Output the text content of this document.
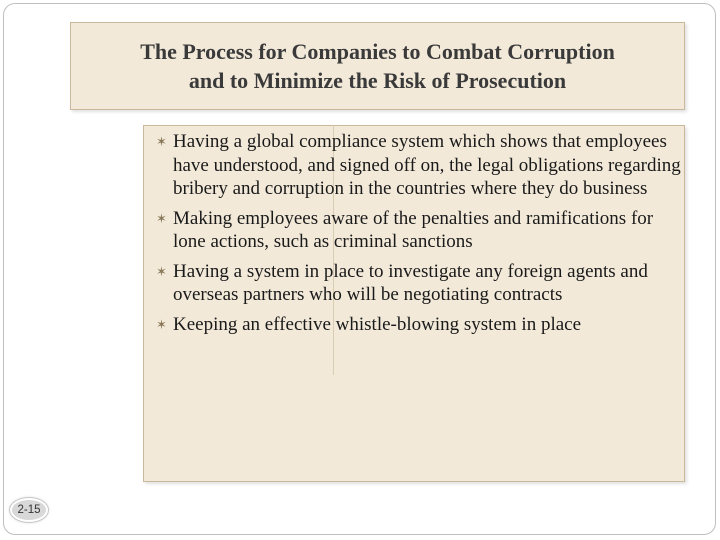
The Process for Companies to Combat Corruption
and to Minimize the Risk of Prosecution
✶ Having a global compliance system which shows that employees have understood, and signed off on, the legal obligations regarding bribery and corruption in the countries where they do business
✶ Making employees aware of the penalties and ramifications for lone actions, such as criminal sanctions
✶ Having a system in place to investigate any foreign agents and overseas partners who will be negotiating contracts
✶ Keeping an effective whistle-blowing system in place
2-15
